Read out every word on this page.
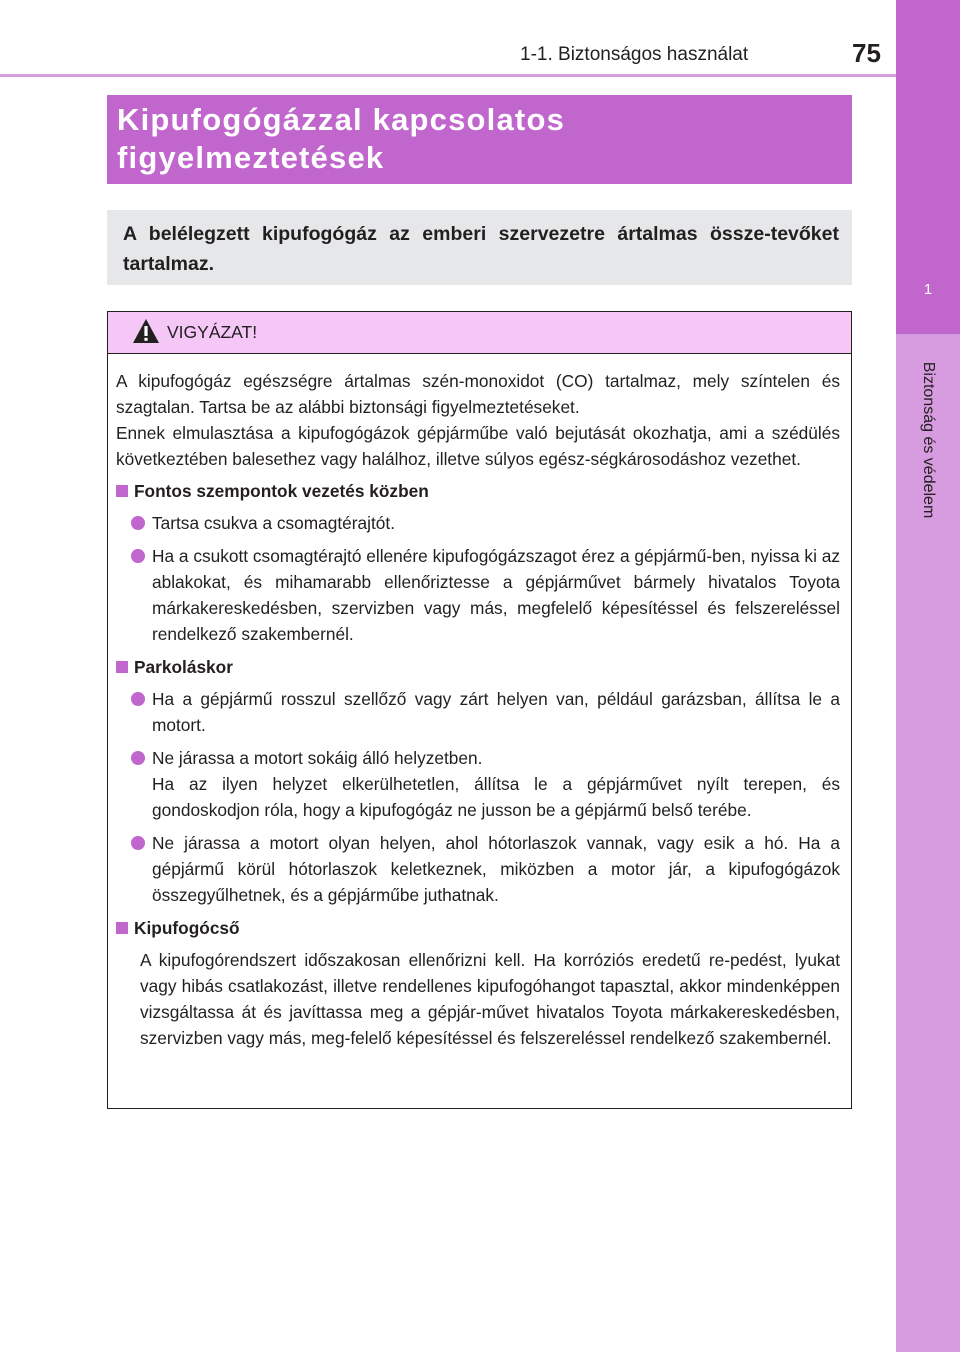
1-1. Biztonságos használat	75
1
Biztonság és védelem
Kipufogógázzal kapcsolatos
figyelmeztetések

A belélegzett kipufogógáz az emberi szervezetre ártalmas össze-tevőket tartalmaz.

VIGYÁZAT!

A kipufogógáz egészségre ártalmas szén-monoxidot (CO) tartalmaz, mely színtelen és szagtalan. Tartsa be az alábbi biztonsági figyelmeztetéseket.

Ennek elmulasztása a kipufogógázok gépjárműbe való bejutását okozhatja, ami a szédülés következtében balesethez vagy halálhoz, illetve súlyos egész-ségkárosodáshoz vezethet.

Fontos szempontok vezetés közben

Tartsa csukva a csomagtérajtót.

Ha a csukott csomagtérajtó ellenére kipufogógázszagot érez a gépjármű-ben, nyissa ki az ablakokat, és mihamarabb ellenőriztesse a gépjárművet bármely hivatalos Toyota márkakereskedésben, szervizben vagy más, megfelelő képesítéssel és felszereléssel rendelkező szakembernél.

Parkoláskor

Ha a gépjármű rosszul szellőző vagy zárt helyen van, például garázsban, állítsa le a motort.

Ne járassa a motort sokáig álló helyzetben.
Ha az ilyen helyzet elkerülhetetlen, állítsa le a gépjárművet nyílt terepen, és gondoskodjon róla, hogy a kipufogógáz ne jusson be a gépjármű belső terébe.

Ne járassa a motort olyan helyen, ahol hótorlaszok vannak, vagy esik a hó. Ha a gépjármű körül hótorlaszok keletkeznek, miközben a motor jár, a kipufogógázok összegyűlhetnek, és a gépjárműbe juthatnak.

Kipufogócső

A kipufogórendszert időszakosan ellenőrizni kell. Ha korróziós eredetű re-pedést, lyukat vagy hibás csatlakozást, illetve rendellenes kipufogóhangot tapasztal, akkor mindenképpen vizsgáltassa át és javíttassa meg a gépjár-művet hivatalos Toyota márkakereskedésben, szervizben vagy más, meg-felelő képesítéssel és felszereléssel rendelkező szakembernél.
